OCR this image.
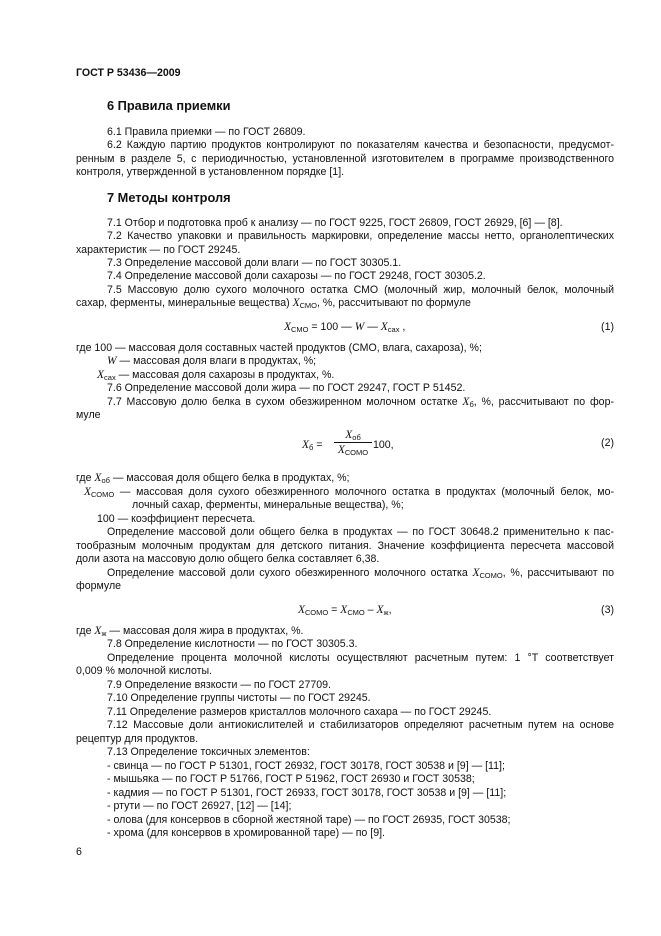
ГОСТ Р 53436—2009
6 Правила приемки
6.1 Правила приемки — по ГОСТ 26809.
6.2 Каждую партию продуктов контролируют по показателям качества и безопасности, предусмот-
ренным в разделе 5, с периодичностью, установленной изготовителем в программе производственного
контроля, утвержденной в установленном порядке [1].
7 Методы контроля
7.1 Отбор и подготовка проб к анализу — по ГОСТ 9225, ГОСТ 26809, ГОСТ 26929, [6] — [8].
7.2 Качество упаковки и правильность маркировки, определение массы нетто, органолептических
характеристик — по ГОСТ 29245.
7.3 Определение массовой доли влаги — по ГОСТ 30305.1.
7.4 Определение массовой доли сахарозы — по ГОСТ 29248, ГОСТ 30305.2.
7.5 Массовую долю сухого молочного остатка СМО (молочный жир, молочный белок, молочный
сахар, ферменты, минеральные вещества) $X_{СМО}$, %, рассчитывают по формуле
$X_{СМО} = 100$ — W — $X_{сах}$ ,	(1)
где 100 — массовая доля составных частей продуктов (СМО, влага, сахароза), %;
W — массовая доля влаги в продуктах, %;
$X_{сах}$ — массовая доля сахарозы в продуктах, %.
7.6 Определение массовой доли жира — по ГОСТ 29247, ГОСТ Р 51452.
7.7 Массовую долю белка в сухом обезжиренном молочном остатке $X_б$, %, рассчитывают по фор-
муле
$X_б$ =
$X_{об}$
$X_{СОМО}$
100,	(2)
где $X_{об}$ — массовая доля общего белка в продуктах, %;
$X_{СОМО}$ — массовая доля сухого обезжиренного молочного остатка в продуктах (молочный белок, мо-
лочный сахар, ферменты, минеральные вещества), %;
100 — коэффициент пересчета.
Определение массовой доли общего белка в продуктах — по ГОСТ 30648.2 применительно к пас-
тообразным молочным продуктам для детского питания. Значение коэффициента пересчета массовой
доли азота на массовую долю общего белка составляет 6,38.
Определение массовой доли сухого обезжиренного молочного остатка $X_{СОМО}$, %, рассчитывают по
формуле
$X_{СОМО} = X_{СМО} - X_ж$,	(3)
где $X_ж$ — массовая доля жира в продуктах, %.
7.8 Определение кислотности — по ГОСТ 30305.3.
Определение процента молочной кислоты осуществляют расчетным путем: 1 °Т соответствует
0,009 % молочной кислоты.
7.9 Определение вязкости — по ГОСТ 27709.
7.10 Определение группы чистоты — по ГОСТ 29245.
7.11 Определение размеров кристаллов молочного сахара — по ГОСТ 29245.
7.12 Массовые доли антиокислителей и стабилизаторов определяют расчетным путем на основе
рецептур для продуктов.
7.13 Определение токсичных элементов:
- свинца — по ГОСТ Р 51301, ГОСТ 26932, ГОСТ 30178, ГОСТ 30538 и [9] — [11];
- мышьяка — по ГОСТ Р 51766, ГОСТ Р 51962, ГОСТ 26930 и ГОСТ 30538;
- кадмия — по ГОСТ Р 51301, ГОСТ 26933, ГОСТ 30178, ГОСТ 30538 и [9] — [11];
- ртути — по ГОСТ 26927, [12] — [14];
- олова (для консервов в сборной жестяной таре) — по ГОСТ 26935, ГОСТ 30538;
- хрома (для консервов в хромированной таре) — по [9].
6
